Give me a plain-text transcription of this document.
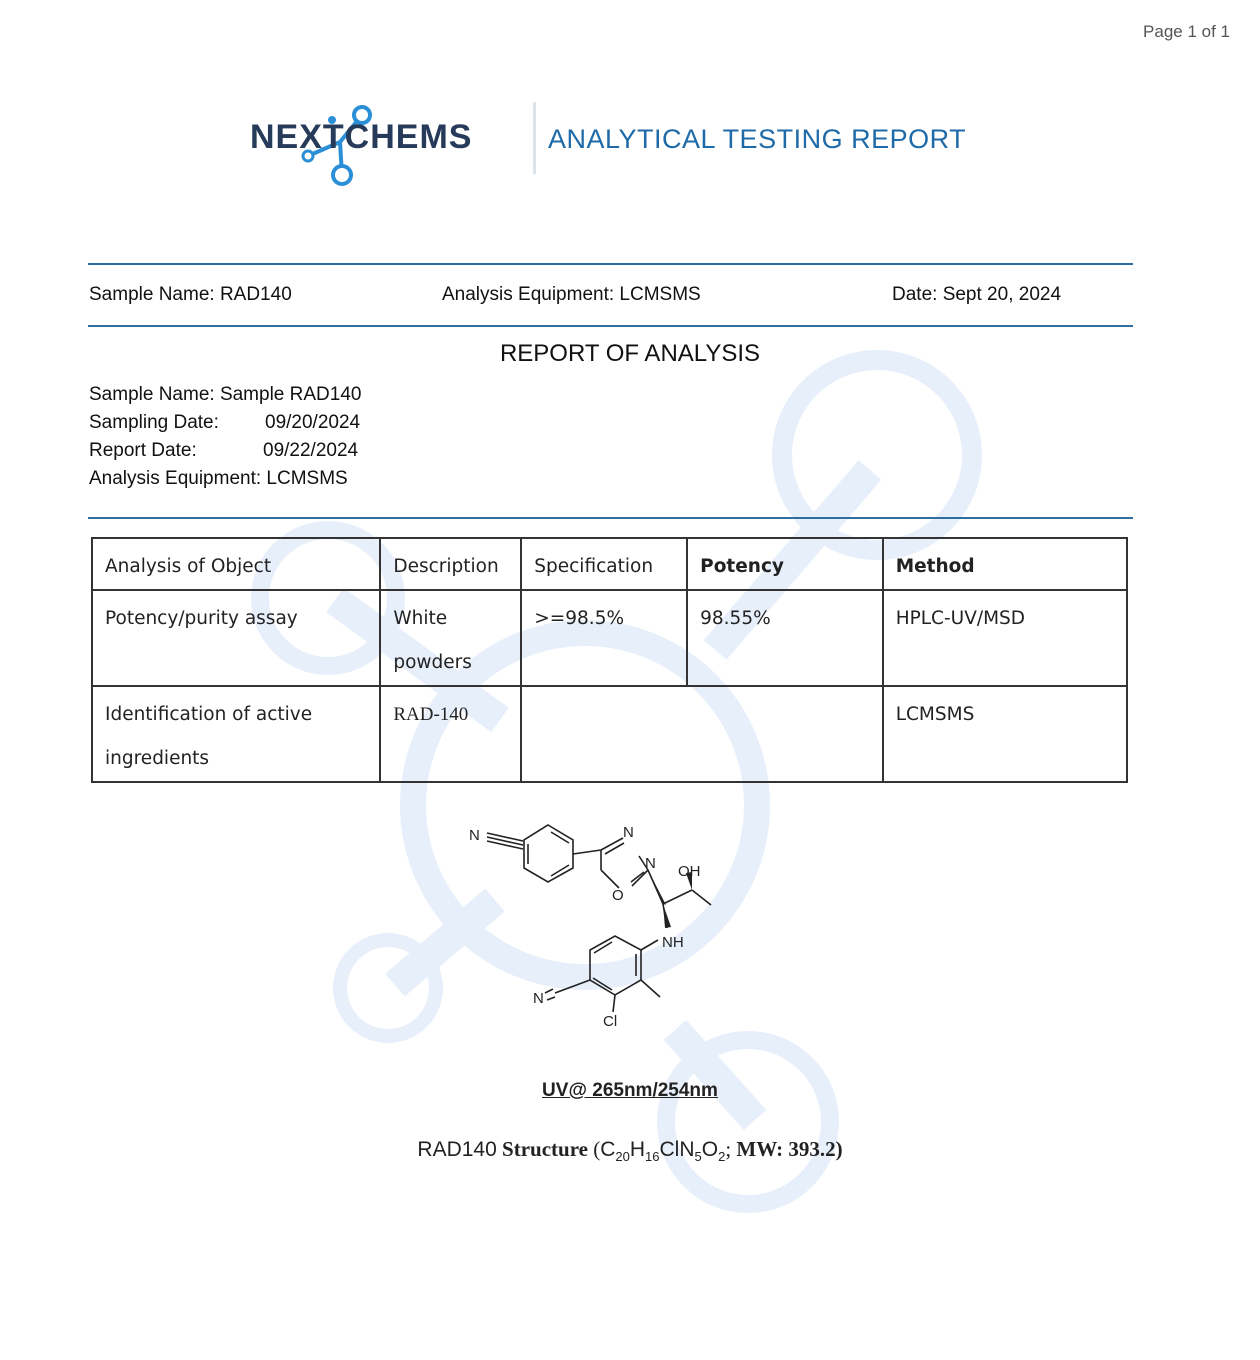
Page 1 of 1
NEXTCHEMS	ANALYTICAL TESTING REPORT
Sample Name: RAD140	Analysis Equipment: LCMSMS	Date: Sept 20, 2024
REPORT OF ANALYSIS
Sample Name: Sample RAD140
Sampling Date: 09/20/2024
Report Date:	09/22/2024
Analysis Equipment: LCMSMS
Analysis of Object	Description	Specification	Potency	Method
Potency/purity assay	White powders	>=98.5%	98.55%	HPLC-UV/MSD
Identification of active ingredients	RAD-140			LCMSMS
N	N
N
O
OH
NH
N
Cl
UV@ 265nm/254nm
RAD140 Structure ($C_{20}H_{16}ClN_5O_2$; MW: 393.2)
